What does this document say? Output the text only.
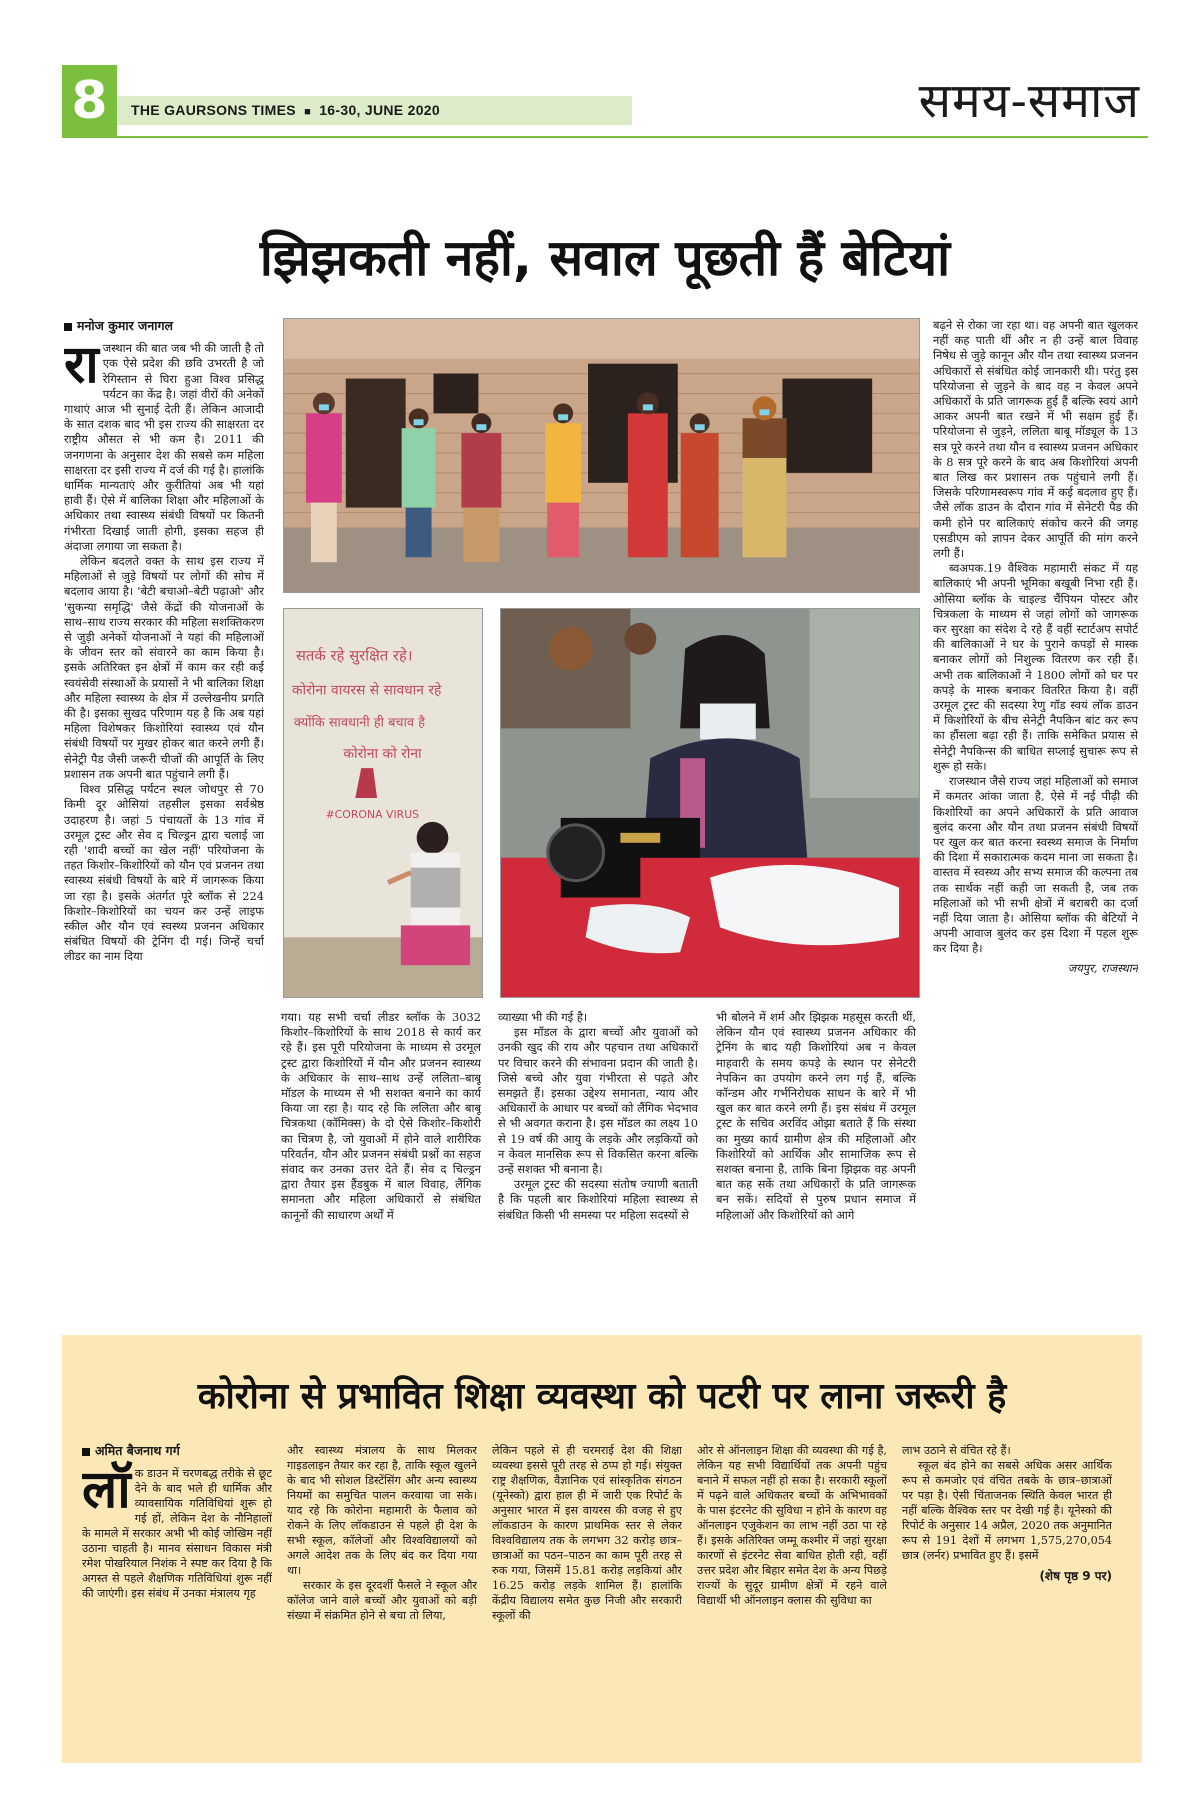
8	THE GAURSONS TIMES ■ 16-30, JUNE 2020	समय-समाज
झिझकती नहीं, सवाल पूछती हैं बेटियां
मनोज कुमार जनागल

राजस्थान की बात जब भी की जाती है तो एक ऐसे प्रदेश की छवि उभरती है जो रेगिस्तान से घिरा हुआ विश्व प्रसिद्ध पर्यटन का केंद्र है। जहां वीरों की अनेकों गाथाएं आज भी सुनाई देती हैं। लेकिन आजादी के सात दशक बाद भी इस राज्य की साक्षरता दर राष्ट्रीय औसत से भी कम है। 2011 की जनगणना के अनुसार देश की सबसे कम महिला साक्षरता दर इसी राज्य में दर्ज की गई है। हालांकि धार्मिक मान्यताएं और कुरीतियां अब भी यहां हावी हैं। ऐसे में बालिका शिक्षा और महिलाओं के अधिकार तथा स्वास्थ्य संबंधी विषयों पर कितनी गंभीरता दिखाई जाती होगी, इसका सहज ही अंदाजा लगाया जा सकता है।

लेकिन बदलते वक्त के साथ इस राज्य में महिलाओं से जुड़े विषयों पर लोगों की सोच में बदलाव आया है। 'बेटी बचाओ–बेटी पढ़ाओ' और 'सुकन्या समृद्धि' जैसे केंद्रों की योजनाओं के साथ–साथ राज्य सरकार की महिला सशक्तिकरण से जुड़ी अनेकों योजनाओं ने यहां की महिलाओं के जीवन स्तर को संवारने का काम किया है। इसके अतिरिक्त इन क्षेत्रों में काम कर रही कई स्वयंसेवी संस्थाओं के प्रयासों ने भी बालिका शिक्षा और महिला स्वास्थ्य के क्षेत्र में उल्लेखनीय प्रगति की है। इसका सुखद परिणाम यह है कि अब यहां महिला विशेषकर किशोरियां स्वास्थ्य एवं यौन संबंधी विषयों पर मुखर होकर बात करने लगी हैं। सेनेट्री पैड जैसी जरूरी चीजों की आपूर्ति के लिए प्रशासन तक अपनी बात पहुंचाने लगी हैं।

विश्व प्रसिद्ध पर्यटन स्थल जोधपुर से 70 किमी दूर ओसियां तहसील इसका सर्वश्रेष्ठ उदाहरण है। जहां 5 पंचायतों के 13 गांव में उरमूल ट्रस्ट और सेव द चिल्ड्रन द्वारा चलाई जा रही 'शादी बच्चों का खेल नहीं' परियोजना के तहत किशोर–किशोरियों को यौन एवं प्रजनन तथा स्वास्थ्य संबंधी विषयों के बारे में जागरूक किया जा रहा है। इसके अंतर्गत पूरे ब्लॉक से 224 किशोर–किशोरियों का चयन कर उन्हें लाइफ स्कील और यौन एवं स्वस्थ्य प्रजनन अधिकार संबंधित विषयों की ट्रेनिंग दी गई। जिन्हें चर्चा लीडर का नाम दिया

गया। यह सभी चर्चा लीडर ब्लॉक के 3032 किशोर–किशोरियों के साथ 2018 से कार्य कर रहे हैं। इस पूरी परियोजना के माध्यम से उरमूल ट्रस्ट द्वारा किशोरियों में यौन और प्रजनन स्वास्थ्य के अधिकार के साथ–साथ उन्हें ललिता–बाबू मॉडल के माध्यम से भी सशक्त बनाने का कार्य किया जा रहा है। याद रहे कि ललिता और बाबू चित्रकथा (कॉमिक्स) के दो ऐसे किशोर–किशोरी का चित्रण है, जो युवाओं में होने वाले शारीरिक परिवर्तन, यौन और प्रजनन संबंधी प्रश्नों का सहज संवाद कर उनका उत्तर देते हैं। सेव द चिल्ड्रन द्वारा तैयार इस हैंडबुक में बाल विवाह, लैंगिक समानता और महिला अधिकारों से संबंधित कानूनों की साधारण अर्थों में

व्याख्या भी की गई है।

इस मॉडल के द्वारा बच्चों और युवाओं को उनकी खुद की राय और पहचान तथा अधिकारों पर विचार करने की संभावना प्रदान की जाती है। जिसे बच्चे और युवा गंभीरता से पढ़ते और समझते हैं। इसका उद्देश्य समानता, न्याय और अधिकारों के आधार पर बच्चों को लैंगिक भेदभाव से भी अवगत कराना है। इस मॉडल का लक्ष्य 10 से 19 वर्ष की आयु के लड़के और लड़कियों को न केवल मानसिक रूप से विकसित करना बल्कि उन्हें सशक्त भी बनाना है।

उरमूल ट्रस्ट की सदस्या संतोष ज्याणी बताती है कि पहली बार किशोरियां महिला स्वास्थ्य से संबंधित किसी भी समस्या पर महिला सदस्यों से

भी बोलने में शर्म और झिझक महसूस करती थीं, लेकिन यौन एवं स्वास्थ्य प्रजनन अधिकार की ट्रेनिंग के बाद यही किशोरियां अब न केवल माहवारी के समय कपड़े के स्थान पर सेनेटरी नेपकिन का उपयोग करने लग गई हैं, बल्कि कॉन्डम और गर्भनिरोधक साधन के बारे में भी खुल कर बात करने लगी हैं। इस संबंध में उरमूल ट्रस्ट के सचिव अरविंद ओझा बताते हैं कि संस्था का मुख्य कार्य ग्रामीण क्षेत्र की महिलाओं और किशोरियों को आर्थिक और सामाजिक रूप से सशक्त बनाना है, ताकि बिना झिझक वह अपनी बात कह सकें तथा अधिकारों के प्रति जागरूक बन सकें। सदियों से पुरुष प्रधान समाज में महिलाओं और किशोरियों को आगे

बढ़ने से रोका जा रहा था। वह अपनी बात खुलकर नहीं कह पाती थीं और न ही उन्हें बाल विवाह निषेध से जुड़े कानून और यौन तथा स्वास्थ्य प्रजनन अधिकारों से संबंधित कोई जानकारी थी। परंतु इस परियोजना से जुड़ने के बाद वह न केवल अपने अधिकारों के प्रति जागरूक हुई हैं बल्कि स्वयं आगे आकर अपनी बात रखने में भी सक्षम हुई हैं। परियोजना से जुड़ने, ललिता बाबू मॉड्यूल के 13 सत्र पूरे करने तथा यौन व स्वास्थ्य प्रजनन अधिकार के 8 सत्र पूरे करने के बाद अब किशोरियां अपनी बात लिख कर प्रशासन तक पहुंचाने लगी हैं। जिसके परिणामस्वरूप गांव में कई बदलाव हुए हैं। जैसे लॉक डाउन के दौरान गांव में सेनेटरी पैड की कमी होने पर बालिकाएं संकोच करने की जगह एसडीएम को ज्ञापन देकर आपूर्ति की मांग करने लगी हैं।

ब्वअपक.19 वैश्विक महामारी संकट में यह बालिकाएं भी अपनी भूमिका बखूबी निभा रही हैं। ओसिया ब्लॉक के चाइल्ड चैंपियन पोस्टर और चित्रकला के माध्यम से जहां लोगों को जागरूक कर सुरक्षा का संदेश दे रहे हैं वहीं स्टार्टअप सपोर्ट की बालिकाओं ने घर के पुराने कपड़ों से मास्क बनाकर लोगों को निशुल्क वितरण कर रही हैं। अभी तक बालिकाओं ने 1800 लोगों को घर पर कपड़े के मास्क बनाकर वितरित किया है। वहीं उरमूल ट्रस्ट की सदस्या रेणु गॉड स्वयं लॉक डाउन में किशोरियों के बीच सेनेट्री नैपकिन बांट कर रूप का हौंसला बढ़ा रही हैं। ताकि समेकित प्रयास से सेनेट्री नैपकिन्स की बाधित सप्लाई सुचारू रूप से शुरू हो सके।

राजस्थान जैसे राज्य जहां महिलाओं को समाज में कमतर आंका जाता है, ऐसे में नई पीढ़ी की किशोरियों का अपने अधिकारों के प्रति आवाज बुलंद करना और यौन तथा प्रजनन संबंधी विषयों पर खुल कर बात करना स्वस्थ्य समाज के निर्माण की दिशा में सकारात्मक कदम माना जा सकता है। वास्तव में स्वस्थ्य और सभ्य समाज की कल्पना तब तक सार्थक नहीं कही जा सकती है, जब तक महिलाओं को भी सभी क्षेत्रों में बराबरी का दर्जा नहीं दिया जाता है। ओसिया ब्लॉक की बेटियों ने अपनी आवाज बुलंद कर इस दिशा में पहल शुरू कर दिया है।

जयपुर, राजस्थान

सतर्क रहे सुरक्षित रहे।
कोरोना वायरस से सावधान रहे
क्योंकि सावधानी ही बचाव है
कोरोना को रोना
#CORONA VIRUS
कोरोना से प्रभावित शिक्षा व्यवस्था को पटरी पर लाना जरूरी है
अमित बैजनाथ गर्ग

लॉक डाउन में चरणबद्ध तरीके से छूट देने के बाद भले ही धार्मिक और व्यावसायिक गतिविधियां शुरू हो गई हों, लेकिन देश के नौनिहालों के मामले में सरकार अभी भी कोई जोखिम नहीं उठाना चाहती है। मानव संसाधन विकास मंत्री रमेश पोखरियाल निशंक ने स्पष्ट कर दिया है कि अगस्त से पहले शैक्षणिक गतिविधियां शुरू नहीं की जाएंगी। इस संबंध में उनका मंत्रालय गृह

और स्वास्थ्य मंत्रालय के साथ मिलकर गाइडलाइन तैयार कर रहा है, ताकि स्कूल खुलने के बाद भी सोशल डिस्टेंसिंग और अन्य स्वास्थ्य नियमों का समुचित पालन करवाया जा सके। याद रहे कि कोरोना महामारी के फैलाव को रोकने के लिए लॉकडाउन से पहले ही देश के सभी स्कूल, कॉलेजों और विश्वविद्यालयों को अगले आदेश तक के लिए बंद कर दिया गया था।

सरकार के इस दूरदर्शी फैसले ने स्कूल और कॉलेज जाने वाले बच्चों और युवाओं को बड़ी संख्या में संक्रमित होने से बचा तो लिया,

लेकिन पहले से ही चरमराई देश की शिक्षा व्यवस्था इससे पूरी तरह से ठप्प हो गई। संयुक्त राष्ट्र शैक्षणिक, वैज्ञानिक एवं सांस्कृतिक संगठन (यूनेस्को) द्वारा हाल ही में जारी एक रिपोर्ट के अनुसार भारत में इस वायरस की वजह से हुए लॉकडाउन के कारण प्राथमिक स्तर से लेकर विश्वविद्यालय तक के लगभग 32 करोड़ छात्र–छात्राओं का पठन–पाठन का काम पूरी तरह से रुक गया, जिसमें 15.81 करोड़ लड़कियां और 16.25 करोड़ लड़के शामिल हैं। हालांकि केंद्रीय विद्यालय समेत कुछ निजी और सरकारी स्कूलों की

ओर से ऑनलाइन शिक्षा की व्यवस्था की गई है, लेकिन यह सभी विद्यार्थियों तक अपनी पहुंच बनाने में सफल नहीं हो सका है। सरकारी स्कूलों में पढ़ने वाले अधिकतर बच्चों के अभिभावकों के पास इंटरनेट की सुविधा न होने के कारण वह ऑनलाइन एजुकेशन का लाभ नहीं उठा पा रहे हैं। इसके अतिरिक्त जम्मू कश्मीर में जहां सुरक्षा कारणों से इंटरनेट सेवा बाधित होती रही, वहीं उत्तर प्रदेश और बिहार समेत देश के अन्य पिछड़े राज्यों के सुदूर ग्रामीण क्षेत्रों में रहने वाले विद्यार्थी भी ऑनलाइन क्लास की सुविधा का

लाभ उठाने से वंचित रहे हैं।

स्कूल बंद होने का सबसे अधिक असर आर्थिक रूप से कमजोर एवं वंचित तबके के छात्र–छात्राओं पर पड़ा है। ऐसी चिंताजनक स्थिति केवल भारत ही नहीं बल्कि वैश्विक स्तर पर देखी गई है। यूनेस्को की रिपोर्ट के अनुसार 14 अप्रैल, 2020 तक अनुमानित रूप से 191 देशों में लगभग 1,575,270,054 छात्र (लर्नर) प्रभावित हुए हैं। इसमें

(शेष पृष्ठ 9 पर)
